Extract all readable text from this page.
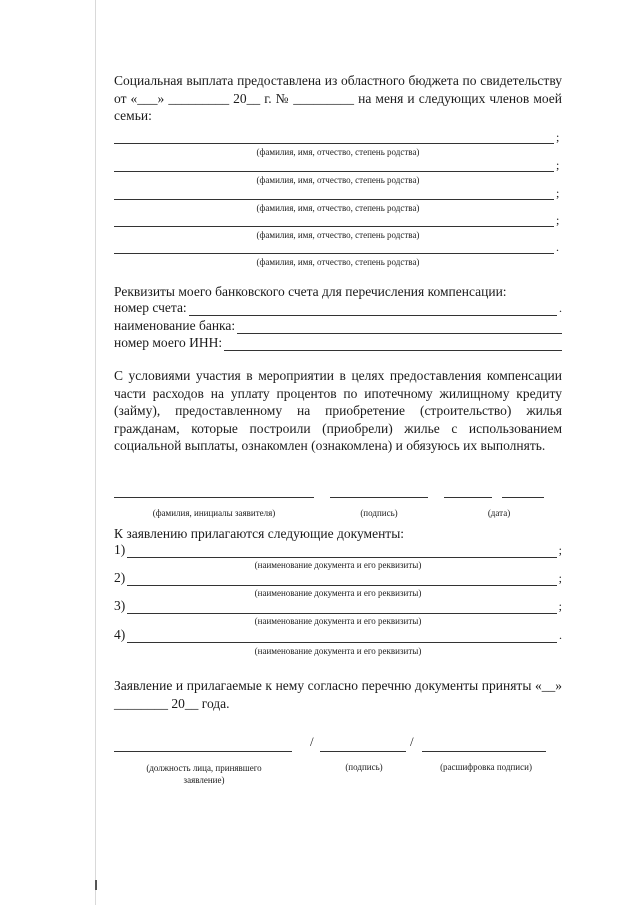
Социальная выплата предоставлена из областного бюджета по свидетельству от «___» _________ 20__ г. № _________ на меня и следующих членов моей семьи:

;
(фамилия, имя, отчество, степень родства)
;
(фамилия, имя, отчество, степень родства)
;
(фамилия, имя, отчество, степень родства)
;
(фамилия, имя, отчество, степень родства)
.
(фамилия, имя, отчество, степень родства)
Реквизиты моего банковского счета для перечисления компенсации:
номер счета:	.
наименование банка:
номер моего ИНН:

С условиями участия в мероприятии в целях предоставления компенсации части расходов на уплату процентов по ипотечному жилищному кредиту (займу), предоставленному на приобретение (строительство) жилья гражданам, которые построили (приобрели) жилье с использованием социальной выплаты, ознакомлен (ознакомлена) и обязуюсь их выполнять.

(фамилия, инициалы заявителя)	(подпись)	(дата)
К заявлению прилагаются следующие документы:
1)	;
(наименование документа и его реквизиты)
2)	;
(наименование документа и его реквизиты)
3)	;
(наименование документа и его реквизиты)
4)	.
(наименование документа и его реквизиты)

Заявление и прилагаемые к нему согласно перечню документы приняты «__» ________ 20__ года.

/	/
(должность лица, принявшего заявление)
(подпись)	(расшифровка подписи)
